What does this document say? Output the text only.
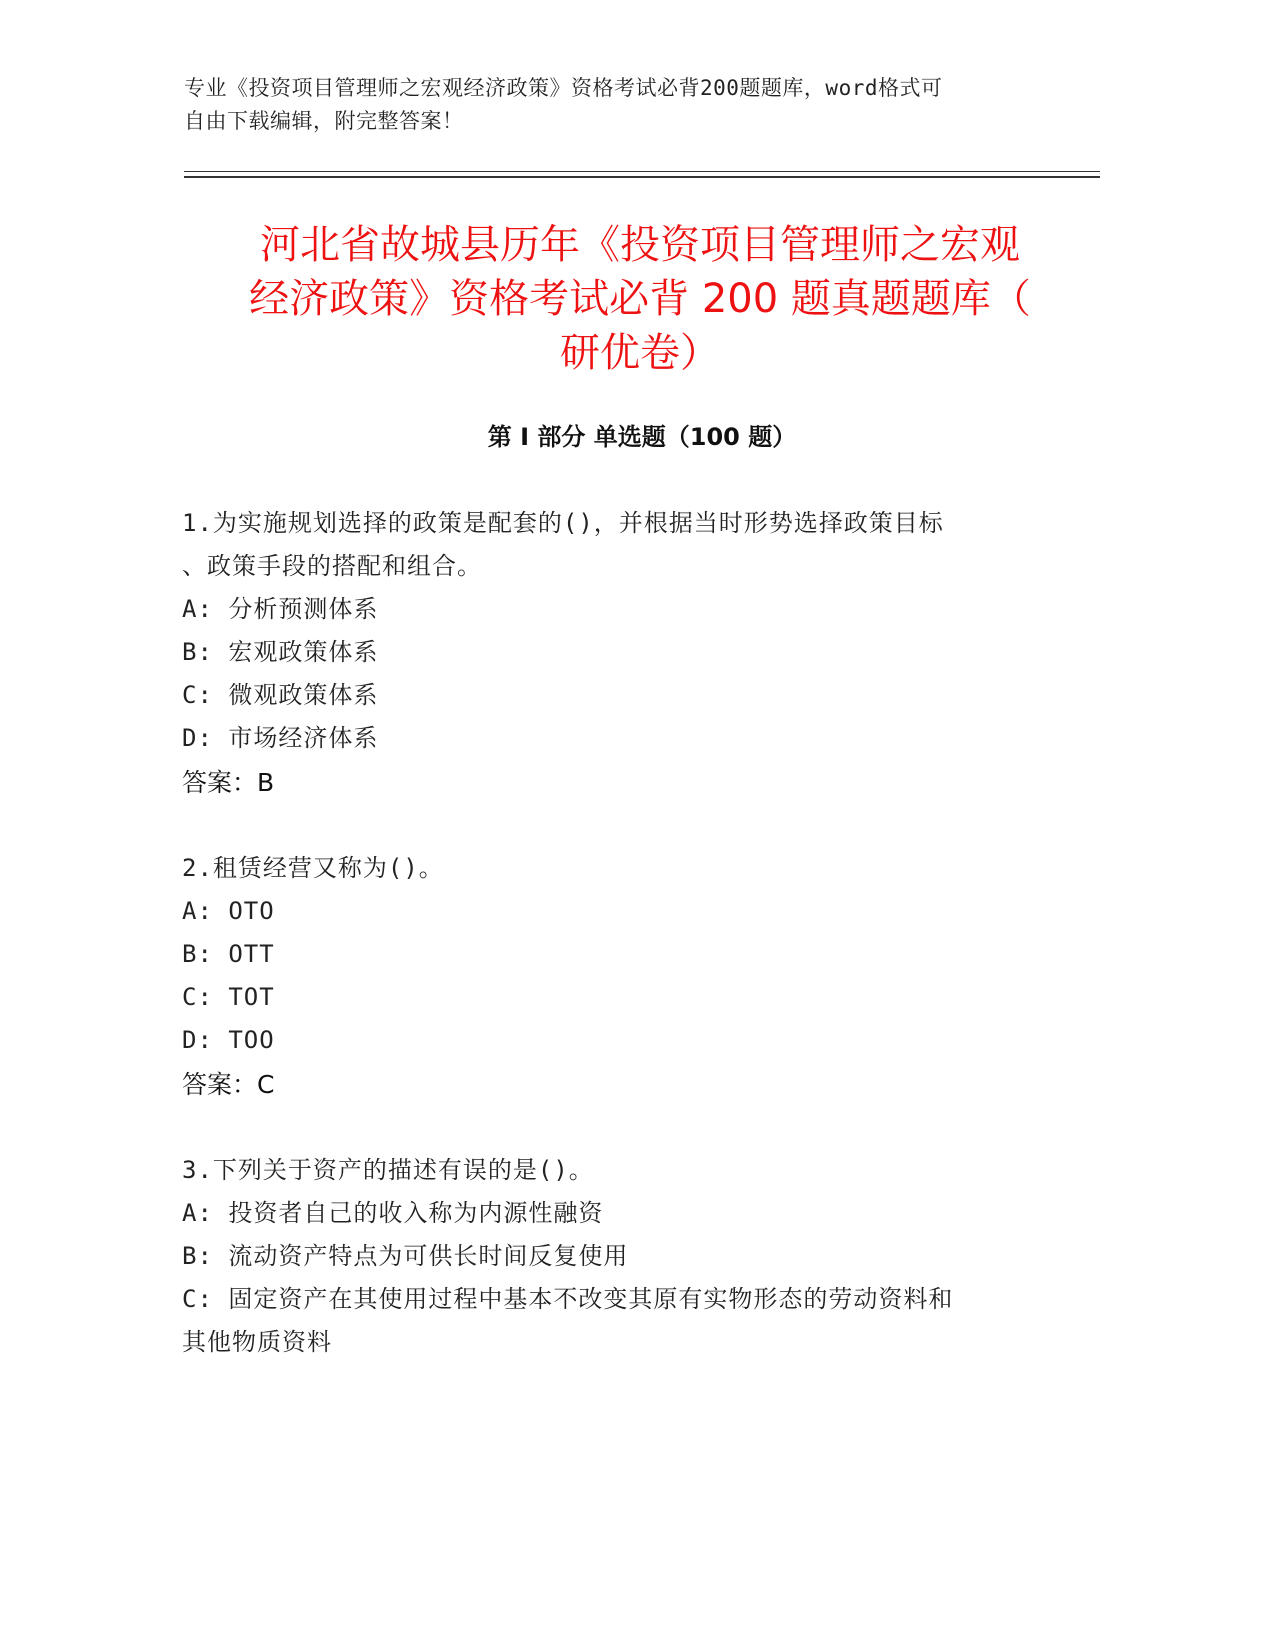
专业《投资项目管理师之宏观经济政策》资格考试必背200题题库，word格式可
自由下载编辑，附完整答案！
河北省故城县历年《投资项目管理师之宏观
经济政策》资格考试必背 200 题真题题库（
研优卷）
第 I 部分 单选题（100 题）

1.为实施规划选择的政策是配套的()，并根据当时形势选择政策目标

、政策手段的搭配和组合。

A: 分析预测体系

B: 宏观政策体系

C: 微观政策体系

D: 市场经济体系

答案：B

2.租赁经营又称为()。

A: OTO

B: OTT

C: TOT

D: TOO

答案：C

3.下列关于资产的描述有误的是()。

A: 投资者自己的收入称为内源性融资

B: 流动资产特点为可供长时间反复使用

C: 固定资产在其使用过程中基本不改变其原有实物形态的劳动资料和

其他物质资料
